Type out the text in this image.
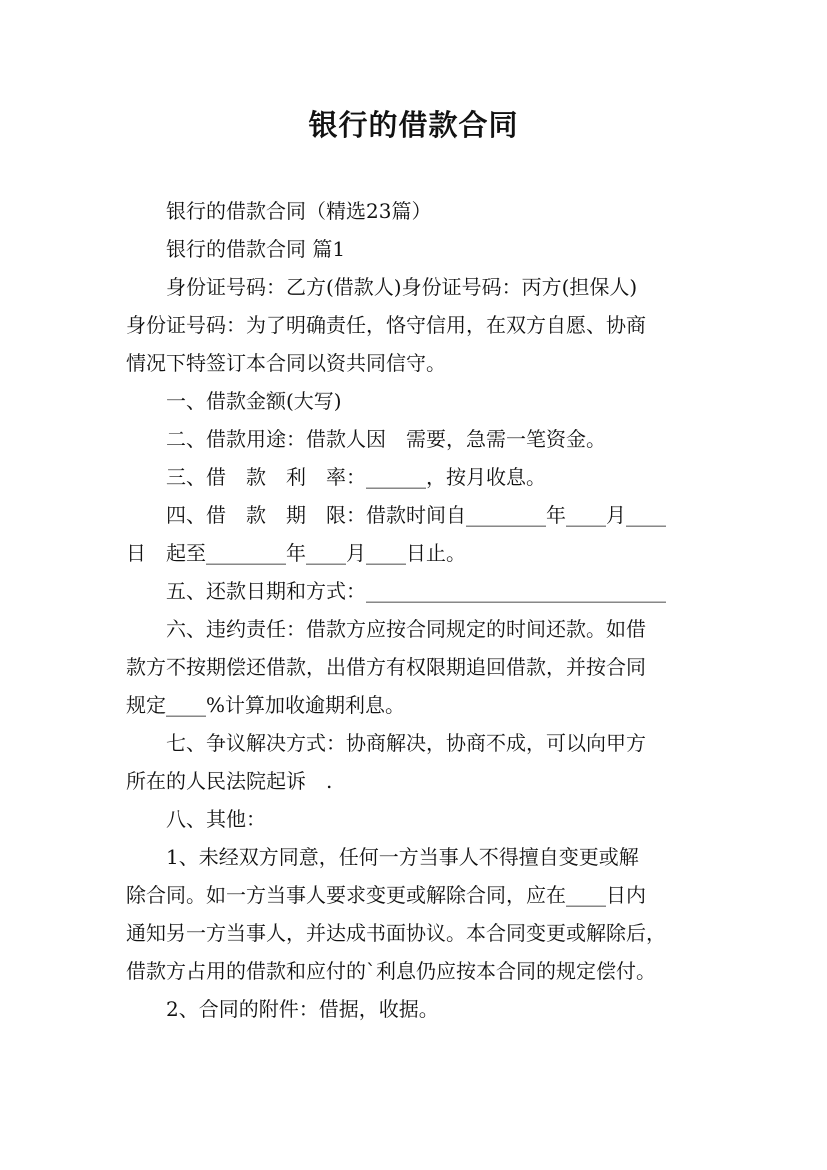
银行的借款合同
银行的借款合同（精选23篇）
银行的借款合同 篇1
身份证号码：乙方(借款人)身份证号码：丙方(担保人)
身份证号码：为了明确责任，恪守信用，在双方自愿、协商
情况下特签订本合同以资共同信守。
一、借款金额(大写)
二、借款用途：借款人因　需要，急需一笔资金。
三、借　款　利　率：______，按月收息。
四、借　款　期　限：借款时间自________年____月____
日　起至________年____月____日止。
五、还款日期和方式：______________________________
六、违约责任：借款方应按合同规定的时间还款。如借
款方不按期偿还借款，出借方有权限期追回借款，并按合同
规定____%计算加收逾期利息。
七、争议解决方式：协商解决，协商不成，可以向甲方
所在的人民法院起诉　.
八、其他：
1、未经双方同意，任何一方当事人不得擅自变更或解
除合同。如一方当事人要求变更或解除合同，应在____日内
通知另一方当事人，并达成书面协议。本合同变更或解除后，
借款方占用的借款和应付的`利息仍应按本合同的规定偿付。
2、合同的附件：借据，收据。
